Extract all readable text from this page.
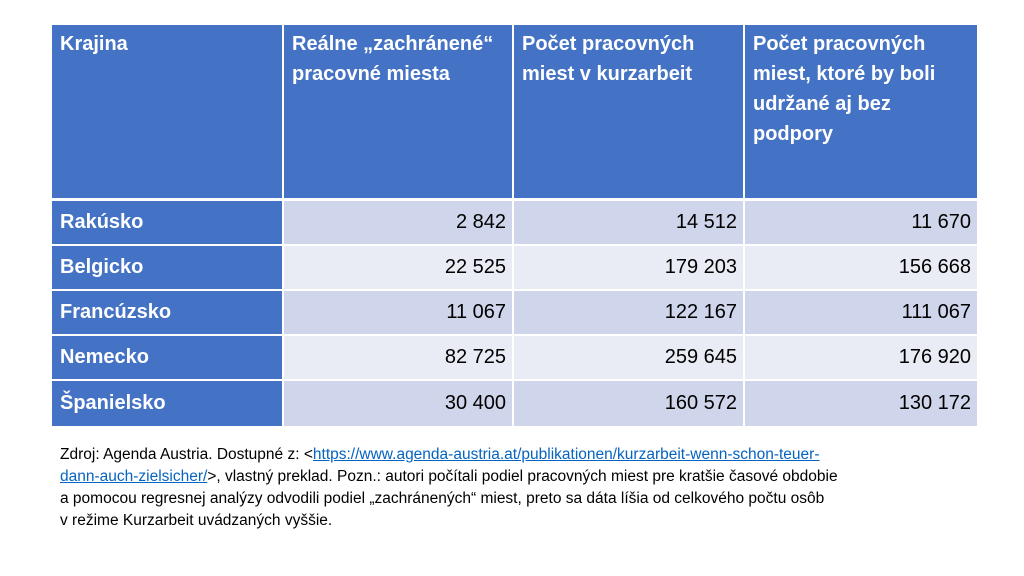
Krajina	Reálne „zachránené“ pracovné miesta	Počet pracovných miest v kurzarbeit	Počet pracovných miest, ktoré by boli udržané aj bez podpory
Rakúsko	2 842	14 512	11 670
Belgicko	22 525	179 203	156 668
Francúzsko	11 067	122 167	111 067
Nemecko	82 725	259 645	176 920
Španielsko	30 400	160 572	130 172
Zdroj: Agenda Austria. Dostupné z: <https://www.agenda-austria.at/publikationen/kurzarbeit-wenn-schon-teuer-
dann-auch-zielsicher/>, vlastný preklad. Pozn.: autori počítali podiel pracovných miest pre kratšie časové obdobie
a pomocou regresnej analýzy odvodili podiel „zachránených“ miest, preto sa dáta líšia od celkového počtu osôb
v režime Kurzarbeit uvádzaných vyššie.
